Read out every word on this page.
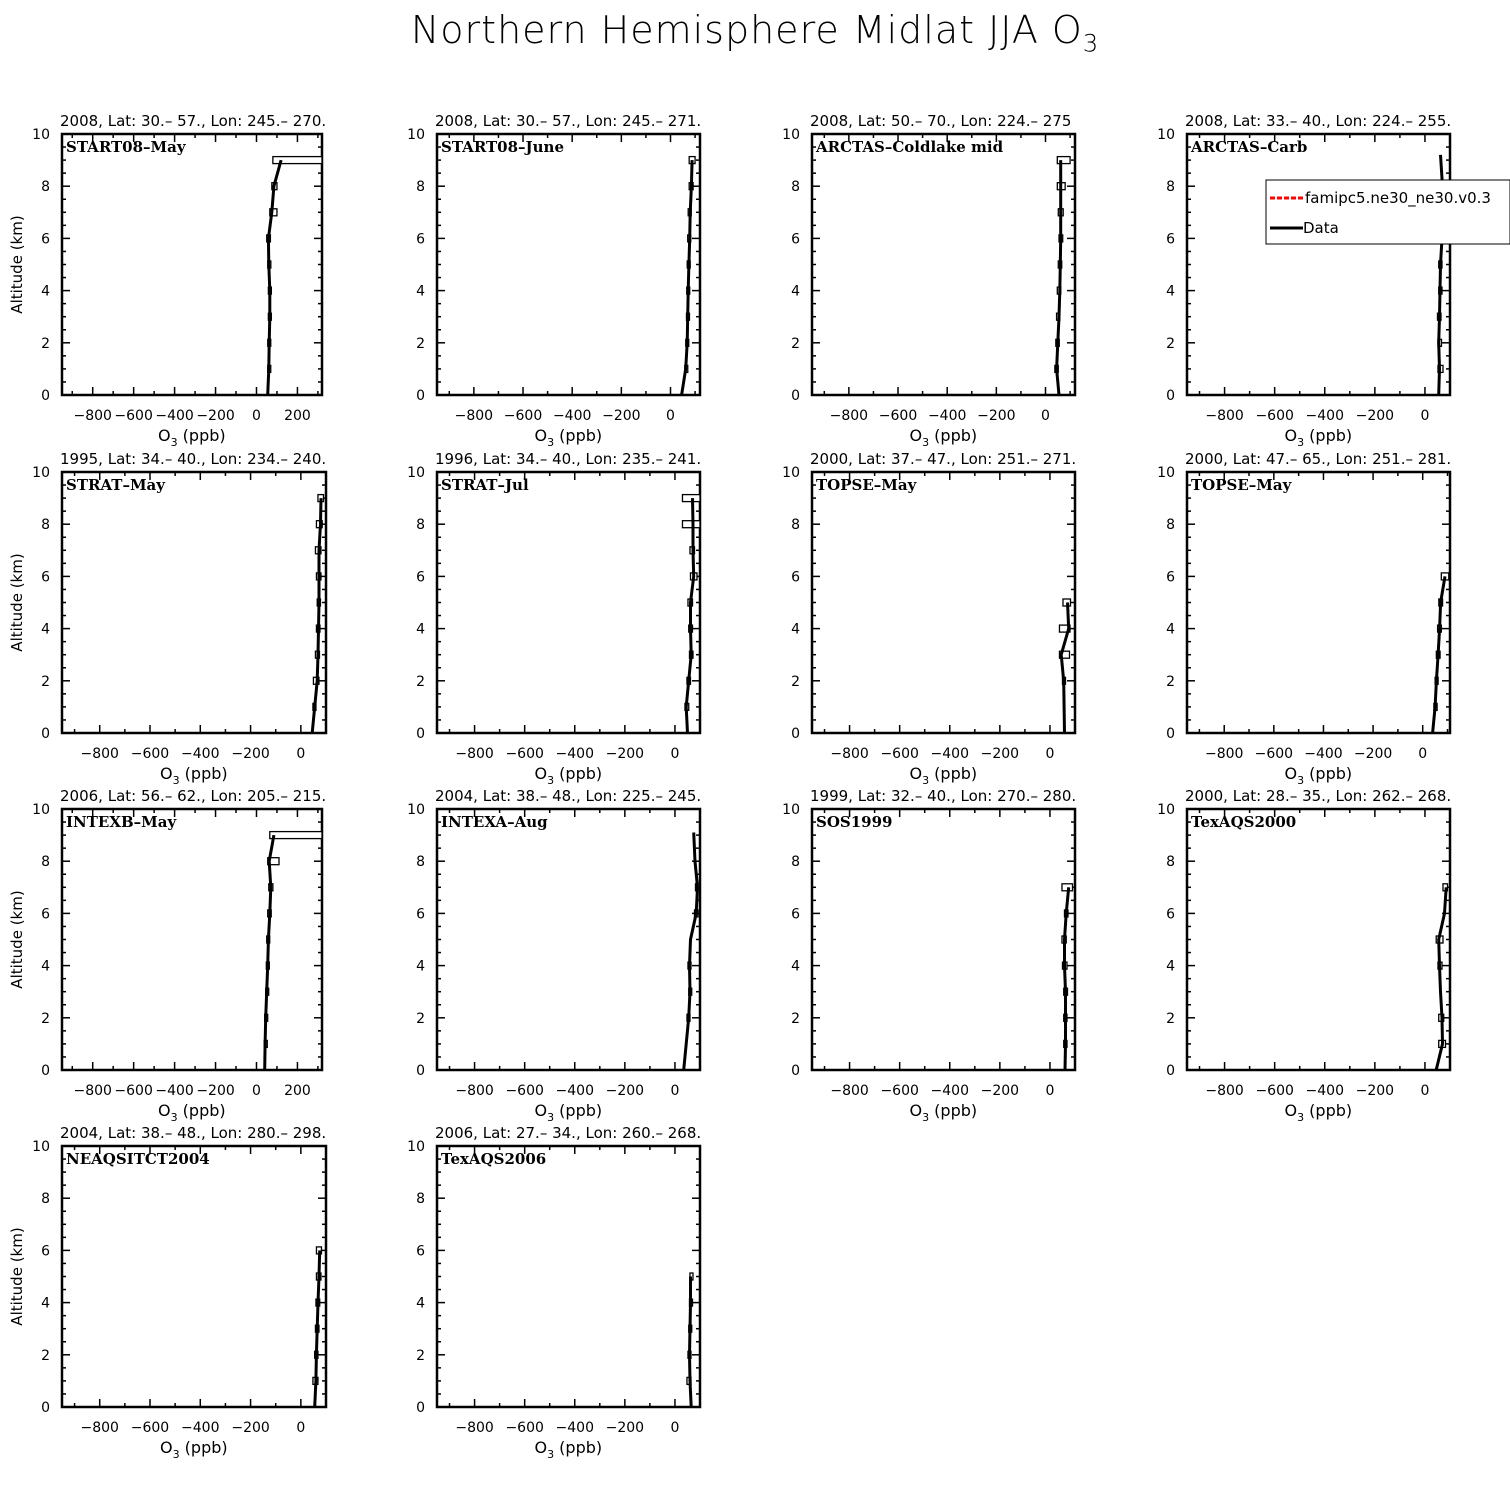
Northern Hemisphere Midlat JJA $O_3$
2008, Lat: 30.– 57., Lon: 245.– 270.
START08–May
0
2
4
6
8
10
−800 −600 −400 −200 0 200
$O_3$ (ppb)
Altitude (km)
2008, Lat: 30.– 57., Lon: 245.– 271.
START08–June
0
2
4
6
8
10
−800 −600 −400 −200 0
$O_3$ (ppb)
2008, Lat: 50.– 70., Lon: 224.– 275
ARCTAS–Coldlake mid
0
2
4
6
8
10
−800 −600 −400 −200 0
$O_3$ (ppb)
2008, Lat: 33.– 40., Lon: 224.– 255.
ARCTAS–Carb
0
2
4
6
8
10
−800 −600 −400 −200 0
$O_3$ (ppb)
1995, Lat: 34.– 40., Lon: 234.– 240.
STRAT–May
0
2
4
6
8
10
−800 −600 −400 −200 0
$O_3$ (ppb)
Altitude (km)
1996, Lat: 34.– 40., Lon: 235.– 241.
STRAT–Jul
0
2
4
6
8
10
−800 −600 −400 −200 0
$O_3$ (ppb)
2000, Lat: 37.– 47., Lon: 251.– 271.
TOPSE–May
0
2
4
6
8
10
−800 −600 −400 −200 0
$O_3$ (ppb)
2000, Lat: 47.– 65., Lon: 251.– 281.
TOPSE–May
0
2
4
6
8
10
−800 −600 −400 −200 0
$O_3$ (ppb)
2006, Lat: 56.– 62., Lon: 205.– 215.
INTEXB–May
0
2
4
6
8
10
−800 −600 −400 −200 0 200
$O_3$ (ppb)
Altitude (km)
2004, Lat: 38.– 48., Lon: 225.– 245.
INTEXA–Aug
0
2
4
6
8
10
−800 −600 −400 −200 0
$O_3$ (ppb)
1999, Lat: 32.– 40., Lon: 270.– 280.
SOS1999
0
2
4
6
8
10
−800 −600 −400 −200 0
$O_3$ (ppb)
2000, Lat: 28.– 35., Lon: 262.– 268.
TexAQS2000
0
2
4
6
8
10
−800 −600 −400 −200 0
$O_3$ (ppb)
2004, Lat: 38.– 48., Lon: 280.– 298.
NEAQSITCT2004
0
2
4
6
8
10
−800 −600 −400 −200 0
$O_3$ (ppb)
Altitude (km)
2006, Lat: 27.– 34., Lon: 260.– 268.
TexAQS2006
0
2
4
6
8
10
−800 −600 −400 −200 0
$O_3$ (ppb)
famipc5.ne30_ne30.v0.3
Data
